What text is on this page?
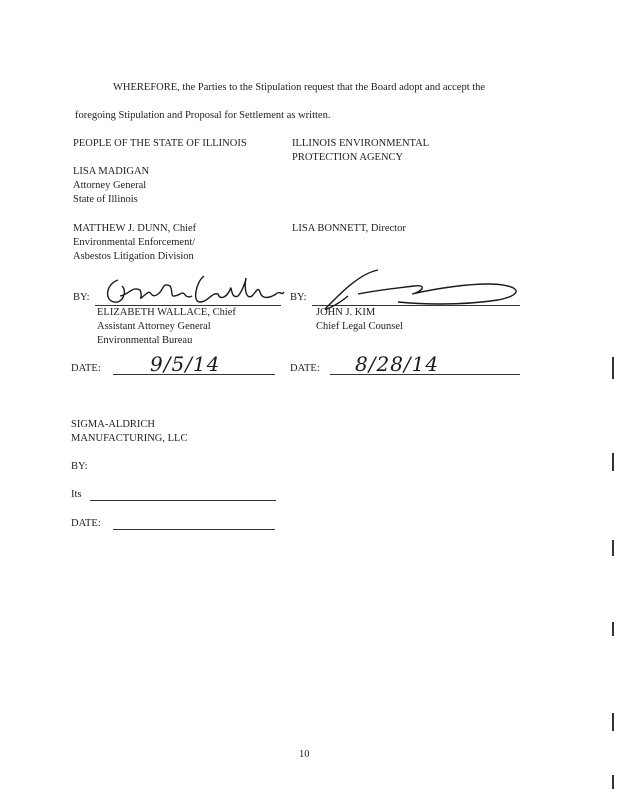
WHEREFORE, the Parties to the Stipulation request that the Board adopt and accept the
foregoing Stipulation and Proposal for Settlement as written.
PEOPLE OF THE STATE OF ILLINOIS
LISA MADIGAN
Attorney General
State of Illinois
MATTHEW J. DUNN, Chief
Environmental Enforcement/
Asbestos Litigation Division
ILLINOIS ENVIRONMENTAL
PROTECTION AGENCY
LISA BONNETT, Director
BY:
ELIZABETH WALLACE, Chief
Assistant Attorney General
Environmental Bureau
BY:
JOHN J. KIM
Chief Legal Counsel
DATE: 9/5/14	DATE: 8/28/14
SIGMA-ALDRICH
MANUFACTURING, LLC
BY:
Its
DATE:
10
